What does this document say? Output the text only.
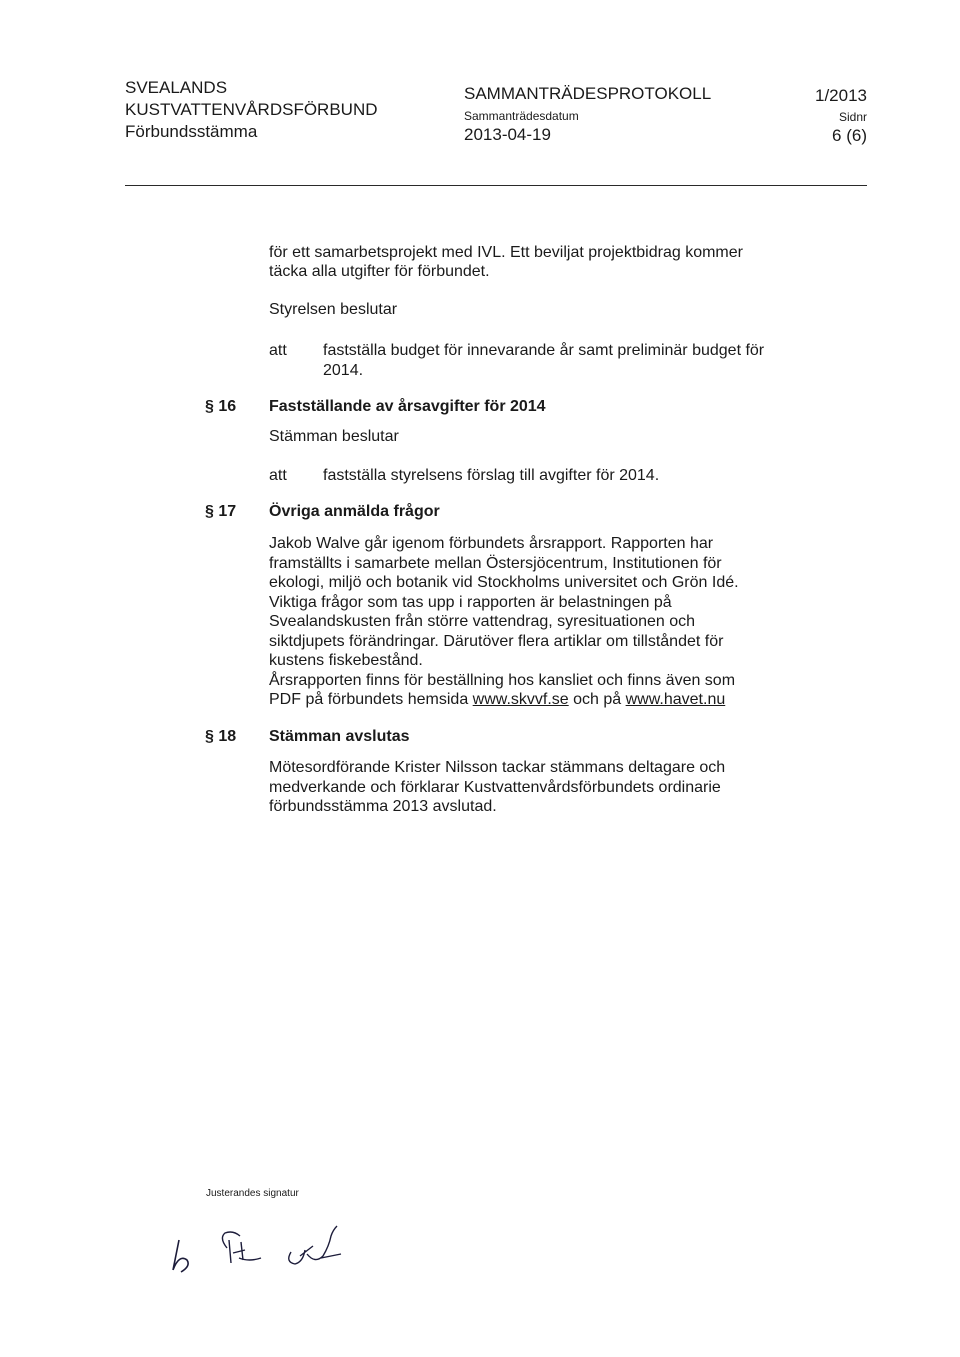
SVEALANDS
KUSTVATTENVÅRDSFÖRBUND
Förbundsstämma
SAMMANTRÄDESPROTOKOLL
Sammanträdesdatum
2013-04-19
1/2013
Sidnr
6 (6)
för ett samarbetsprojekt med IVL. Ett beviljat projektbidrag kommer
täcka alla utgifter för förbundet.
Styrelsen beslutar
att fastställa budget för innevarande år samt preliminär budget för
2014.
§ 16 Fastställande av årsavgifter för 2014
Stämman beslutar
att fastställa styrelsens förslag till avgifter för 2014.
§ 17 Övriga anmälda frågor
Jakob Walve går igenom förbundets årsrapport. Rapporten har
framställts i samarbete mellan Östersjöcentrum, Institutionen för
ekologi, miljö och botanik vid Stockholms universitet och Grön Idé.
Viktiga frågor som tas upp i rapporten är belastningen på
Svealandskusten från större vattendrag, syresituationen och
siktdjupets förändringar. Därutöver flera artiklar om tillståndet för
kustens fiskebestånd.
Årsrapporten finns för beställning hos kansliet och finns även som
PDF på förbundets hemsida www.skvvf.se och på www.havet.nu
§ 18 Stämman avslutas
Mötesordförande Krister Nilsson tackar stämmans deltagare och
medverkande och förklarar Kustvattenvårdsförbundets ordinarie
förbundsstämma 2013 avslutad.
Justerandes signatur
